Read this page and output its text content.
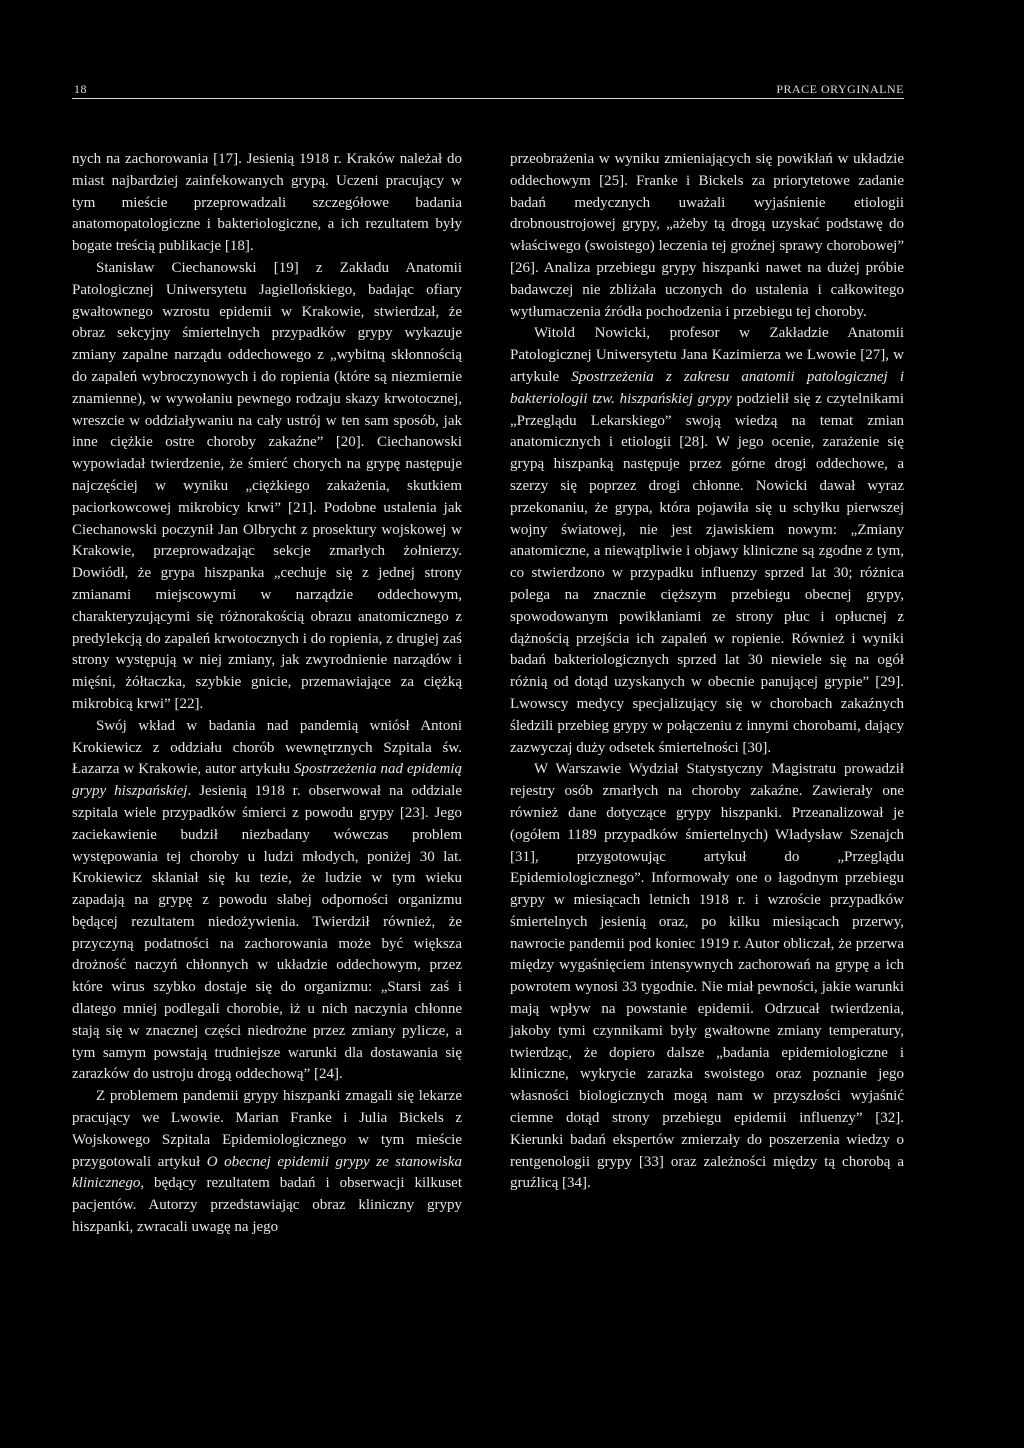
18	PRACE ORYGINALNE

nych na zachorowania [17]. Jesienią 1918 r. Kraków należał do miast najbardziej zainfekowanych grypą. Uczeni pracujący w tym mieście przeprowadzali szczegółowe badania anatomopatologiczne i bakteriologiczne, a ich rezultatem były bogate treścią publikacje [18].

Stanisław Ciechanowski [19] z Zakładu Anatomii Patologicznej Uniwersytetu Jagiellońskiego, badając ofiary gwałtownego wzrostu epidemii w Krakowie, stwierdzał, że obraz sekcyjny śmiertelnych przypadków grypy wykazuje zmiany zapalne narządu oddechowego z „wybitną skłonnością do zapaleń wybroczynowych i do ropienia (które są niezmiernie znamienne), w wywołaniu pewnego rodzaju skazy krwotocznej, wreszcie w oddziaływaniu na cały ustrój w ten sam sposób, jak inne ciężkie ostre choroby zakaźne” [20]. Ciechanowski wypowiadał twierdzenie, że śmierć chorych na grypę następuje najczęściej w wyniku „ciężkiego zakażenia, skutkiem paciorkowcowej mikrobicy krwi” [21]. Podobne ustalenia jak Ciechanowski poczynił Jan Olbrycht z prosektury wojskowej w Krakowie, przeprowadzając sekcje zmarłych żołnierzy. Dowiódł, że grypa hiszpanka „cechuje się z jednej strony zmianami miejscowymi w narządzie oddechowym, charakteryzującymi się różnorakością obrazu anatomicznego z predylekcją do zapaleń krwotocznych i do ropienia, z drugiej zaś strony występują w niej zmiany, jak zwyrodnienie narządów i mięśni, żółtaczka, szybkie gnicie, przemawiające za ciężką mikrobicą krwi” [22].

Swój wkład w badania nad pandemią wniósł Antoni Krokiewicz z oddziału chorób wewnętrznych Szpitala św. Łazarza w Krakowie, autor artykułu Spostrzeżenia nad epidemią grypy hiszpańskiej. Jesienią 1918 r. obserwował na oddziale szpitala wiele przypadków śmierci z powodu grypy [23]. Jego zaciekawienie budził niezbadany wówczas problem występowania tej choroby u ludzi młodych, poniżej 30 lat. Krokiewicz skłaniał się ku tezie, że ludzie w tym wieku zapadają na grypę z powodu słabej odporności organizmu będącej rezultatem niedożywienia. Twierdził również, że przyczyną podatności na zachorowania może być większa drożność naczyń chłonnych w układzie oddechowym, przez które wirus szybko dostaje się do organizmu: „Starsi zaś i dlatego mniej podlegali chorobie, iż u nich naczynia chłonne stają się w znacznej części niedrożne przez zmiany pylicze, a tym samym powstają trudniejsze warunki dla dostawania się zarazków do ustroju drogą oddechową” [24].

Z problemem pandemii grypy hiszpanki zmagali się lekarze pracujący we Lwowie. Marian Franke i Julia Bickels z Wojskowego Szpitala Epidemiologicznego w tym mieście przygotowali artykuł O obecnej epidemii grypy ze stanowiska klinicznego, będący rezultatem badań i obserwacji kilkuset pacjentów. Autorzy przedstawiając obraz kliniczny grypy hiszpanki, zwracali uwagę na jego

przeobrażenia w wyniku zmieniających się powikłań w układzie oddechowym [25]. Franke i Bickels za priorytetowe zadanie badań medycznych uważali wyjaśnienie etiologii drobnoustrojowej grypy, „ażeby tą drogą uzyskać podstawę do właściwego (swoistego) leczenia tej groźnej sprawy chorobowej” [26]. Analiza przebiegu grypy hiszpanki nawet na dużej próbie badawczej nie zbliżała uczonych do ustalenia i całkowitego wytłumaczenia źródła pochodzenia i przebiegu tej choroby.

Witold Nowicki, profesor w Zakładzie Anatomii Patologicznej Uniwersytetu Jana Kazimierza we Lwowie [27], w artykule Spostrzeżenia z zakresu anatomii patologicznej i bakteriologii tzw. hiszpańskiej grypy podzielił się z czytelnikami „Przeglądu Lekarskiego” swoją wiedzą na temat zmian anatomicznych i etiologii [28]. W jego ocenie, zarażenie się grypą hiszpanką następuje przez górne drogi oddechowe, a szerzy się poprzez drogi chłonne. Nowicki dawał wyraz przekonaniu, że grypa, która pojawiła się u schyłku pierwszej wojny światowej, nie jest zjawiskiem nowym: „Zmiany anatomiczne, a niewątpliwie i objawy kliniczne są zgodne z tym, co stwierdzono w przypadku influenzy sprzed lat 30; różnica polega na znacznie cięższym przebiegu obecnej grypy, spowodowanym powikłaniami ze strony płuc i opłucnej z dążnością przejścia ich zapaleń w ropienie. Również i wyniki badań bakteriologicznych sprzed lat 30 niewiele się na ogół różnią od dotąd uzyskanych w obecnie panującej grypie” [29]. Lwowscy medycy specjalizujący się w chorobach zakaźnych śledzili przebieg grypy w połączeniu z innymi chorobami, dający zazwyczaj duży odsetek śmiertelności [30].

W Warszawie Wydział Statystyczny Magistratu prowadził rejestry osób zmarłych na choroby zakaźne. Zawierały one również dane dotyczące grypy hiszpanki. Przeanalizował je (ogółem 1189 przypadków śmiertelnych) Władysław Szenajch [31], przygotowując artykuł do „Przeglądu Epidemiologicznego”. Informowały one o łagodnym przebiegu grypy w miesiącach letnich 1918 r. i wzroście przypadków śmiertelnych jesienią oraz, po kilku miesiącach przerwy, nawrocie pandemii pod koniec 1919 r. Autor obliczał, że przerwa między wygaśnięciem intensywnych zachorowań na grypę a ich powrotem wynosi 33 tygodnie. Nie miał pewności, jakie warunki mają wpływ na powstanie epidemii. Odrzucał twierdzenia, jakoby tymi czynnikami były gwałtowne zmiany temperatury, twierdząc, że dopiero dalsze „badania epidemiologiczne i kliniczne, wykrycie zarazka swoistego oraz poznanie jego własności biologicznych mogą nam w przyszłości wyjaśnić ciemne dotąd strony przebiegu epidemii influenzy” [32]. Kierunki badań ekspertów zmierzały do poszerzenia wiedzy o rentgenologii grypy [33] oraz zależności między tą chorobą a gruźlicą [34].
